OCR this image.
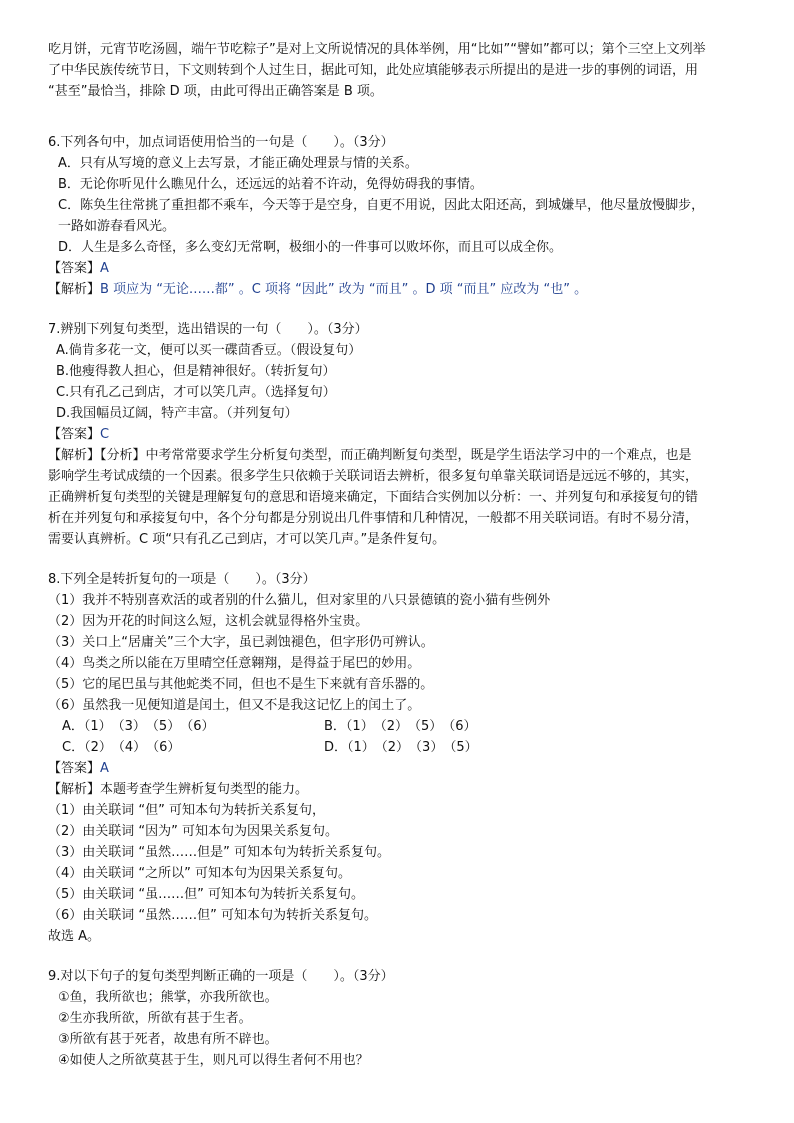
吃月饼，元宵节吃汤圆，端午节吃粽子”是对上文所说情况的具体举例，用“比如”“譬如”都可以；第个三空上文列举
了中华民族传统节日，下文则转到个人过生日，据此可知，此处应填能够表示所提出的是进一步的事例的词语，用
“甚至”最恰当，排除 D 项，由此可得出正确答案是 B 项。
6.下列各句中，加点词语使用恰当的一句是（　　）。（3分）
A．只有从写境的意义上去写景，才能正确处理景与情的关系。
B．无论你听见什么瞧见什么，还远远的站着不许动，免得妨碍我的事情。
C．陈奂生往常挑了重担都不乘车，今天等于是空身，自更不用说，因此太阳还高，到城嫌早，他尽量放慢脚步，
一路如游春看风光。
D．人生是多么奇怪，多么变幻无常啊，极细小的一件事可以败坏你，而且可以成全你。
【答案】A
【解析】B 项应为 “无论……都” 。C 项将 “因此” 改为 “而且” 。D 项 “而且” 应改为 “也” 。
7.辨别下列复句类型，选出错误的一句（　　）。（3分）
A.倘肯多花一文，便可以买一碟茴香豆。（假设复句）
B.他瘦得教人担心，但是精神很好。（转折复句）
C.只有孔乙己到店，才可以笑几声。（选择复句）
D.我国幅员辽阔，特产丰富。（并列复句）
【答案】C
【解析】【分析】中考常常要求学生分析复句类型，而正确判断复句类型，既是学生语法学习中的一个难点，也是
影响学生考试成绩的一个因素。很多学生只依赖于关联词语去辨析，很多复句单靠关联词语是远远不够的，其实，
正确辨析复句类型的关键是理解复句的意思和语境来确定，下面结合实例加以分析：一、并列复句和承接复句的错
析在并列复句和承接复句中，各个分句都是分别说出几件事情和几种情况，一般都不用关联词语。有时不易分清，
需要认真辨析。C 项“只有孔乙己到店，才可以笑几声。”是条件复句。
8.下列全是转折复句的一项是（　　）。（3分）
（1）我并不特别喜欢活的或者别的什么猫儿，但对家里的八只景德镇的瓷小猫有些例外
（2）因为开花的时间这么短，这机会就显得格外宝贵。
（3）关口上“居庸关”三个大字，虽已剥蚀褪色，但字形仍可辨认。
（4）鸟类之所以能在万里晴空任意翱翔，是得益于尾巴的妙用。
（5）它的尾巴虽与其他蛇类不同，但也不是生下来就有音乐器的。
（6）虽然我一见便知道是闰土，但又不是我这记忆上的闰土了。
A．（1）　（3）　（5）　（6）	B．（1）　（2）　（5）　（6）
C．（2）　（4）　（6）	D．（1）　（2）　（3）　（5）
【答案】A
【解析】本题考查学生辨析复句类型的能力。
（1）由关联词 “但” 可知本句为转折关系复句，
（2）由关联词 “因为” 可知本句为因果关系复句。
（3）由关联词 “虽然……但是” 可知本句为转折关系复句。
（4）由关联词 “之所以” 可知本句为因果关系复句。
（5）由关联词 “虽……但” 可知本句为转折关系复句。
（6）由关联词 “虽然……但” 可知本句为转折关系复句。
故选 A。
9.对以下句子的复句类型判断正确的一项是（　　）。（3分）
①鱼，我所欲也；熊掌，亦我所欲也。
②生亦我所欲，所欲有甚于生者。
③所欲有甚于死者，故患有所不辟也。
④如使人之所欲莫甚于生，则凡可以得生者何不用也？
